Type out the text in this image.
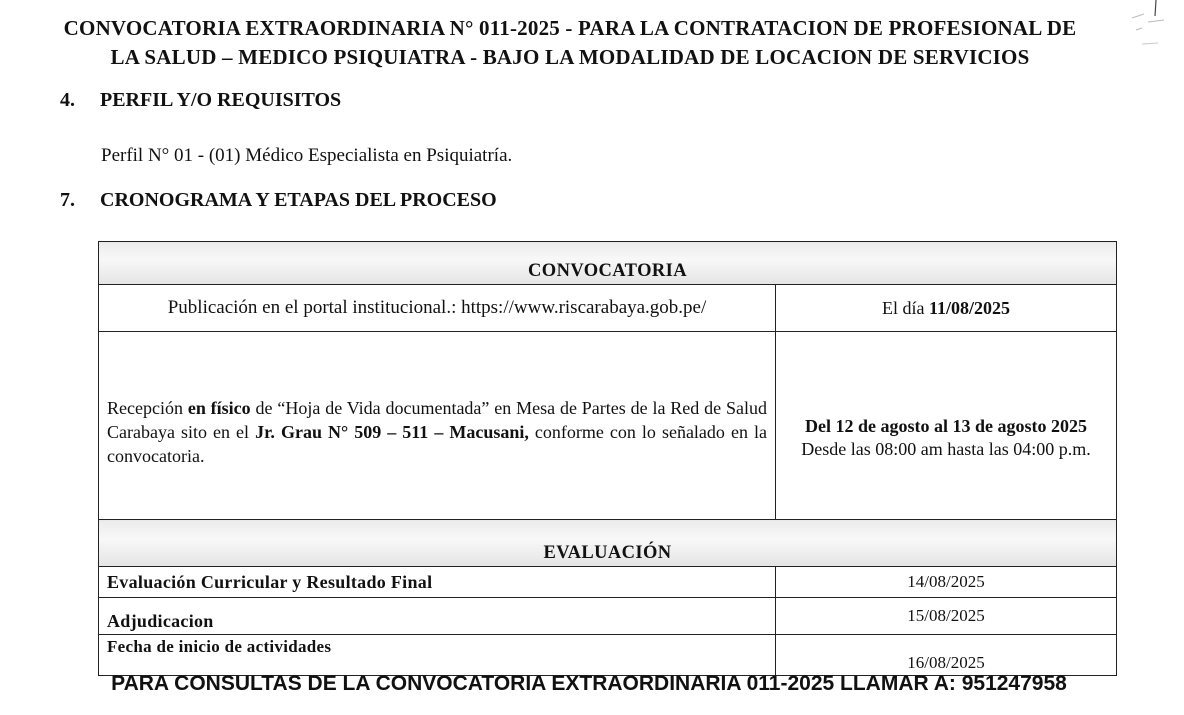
CONVOCATORIA EXTRAORDINARIA N° 011-2025 - PARA LA CONTRATACION DE PROFESIONAL DE
LA SALUD – MEDICO PSIQUIATRA - BAJO LA MODALIDAD DE LOCACION DE SERVICIOS
4. PERFIL Y/O REQUISITOS
Perfil N° 01 - (01) Médico Especialista en Psiquiatría.
7. CRONOGRAMA Y ETAPAS DEL PROCESO
CONVOCATORIA	
Publicación en el portal institucional.: https://www.riscarabaya.gob.pe/	El día 11/08/2025
Recepción en físico de “Hoja de Vida documentada” en Mesa de Partes de la Red de Salud Carabaya sito en el Jr. Grau N° 509 – 511 – Macusani, conforme con lo señalado en la convocatoria.	Del 12 de agosto al 13 de agosto 2025
Desde las 08:00 am hasta las 04:00 p.m.
EVALUACIÓN	
Evaluación Curricular y Resultado Final	14/08/2025
Adjudicacion	15/08/2025
Fecha de inicio de actividades	16/08/2025
PARA CONSULTAS DE LA CONVOCATORIA EXTRAORDINARIA 011-2025 LLAMAR A: 951247958
